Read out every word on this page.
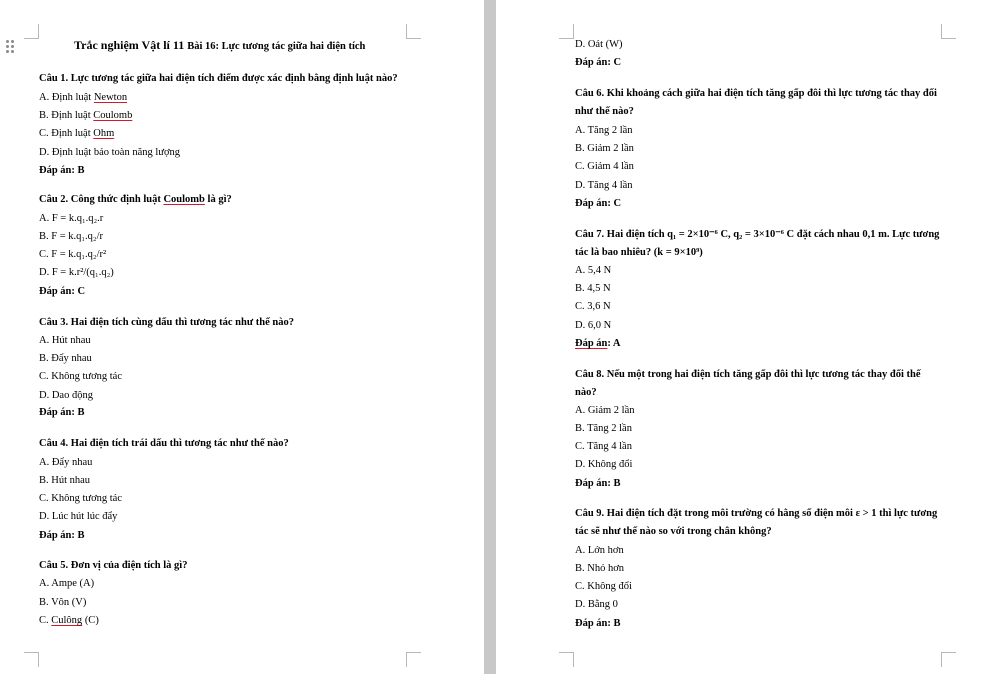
Trắc nghiệm Vật lí 11 Bài 16: Lực tương tác giữa hai điện tích
Câu 1. Lực tương tác giữa hai điện tích điểm được xác định bằng định luật nào?
A. Định luật Newton
B. Định luật Coulomb
C. Định luật Ohm
D. Định luật bảo toàn năng lượng
Đáp án: B
Câu 2. Công thức định luật Coulomb là gì?
A. F = k.q₁.q₂.r
B. F = k.q₁.q₂/r
C. F = k.q₁.q₂/r²
D. F = k.r²/(q₁.q₂)
Đáp án: C
Câu 3. Hai điện tích cùng dấu thì tương tác như thế nào?
A. Hút nhau
B. Đẩy nhau
C. Không tương tác
D. Dao động
Đáp án: B
Câu 4. Hai điện tích trái dấu thì tương tác như thế nào?
A. Đẩy nhau
B. Hút nhau
C. Không tương tác
D. Lúc hút lúc đẩy
Đáp án: B
Câu 5. Đơn vị của điện tích là gì?
A. Ampe (A)
B. Vôn (V)
C. Culông (C)
D. Oát (W)
Đáp án: C
Câu 6. Khi khoảng cách giữa hai điện tích tăng gấp đôi thì lực tương tác thay đổi
như thế nào?
A. Tăng 2 lần
B. Giảm 2 lần
C. Giảm 4 lần
D. Tăng 4 lần
Đáp án: C
Câu 7. Hai điện tích q₁ = 2×10⁻⁶ C, q₂ = 3×10⁻⁶ C đặt cách nhau 0,1 m. Lực tương
tác là bao nhiêu? (k = 9×10⁹)
A. 5,4 N
B. 4,5 N
C. 3,6 N
D. 6,0 N
Đáp án: A
Câu 8. Nếu một trong hai điện tích tăng gấp đôi thì lực tương tác thay đổi thế
nào?
A. Giảm 2 lần
B. Tăng 2 lần
C. Tăng 4 lần
D. Không đổi
Đáp án: B
Câu 9. Hai điện tích đặt trong môi trường có hằng số điện môi ε > 1 thì lực tương
tác sẽ như thế nào so với trong chân không?
A. Lớn hơn
B. Nhỏ hơn
C. Không đổi
D. Bằng 0
Đáp án: B
